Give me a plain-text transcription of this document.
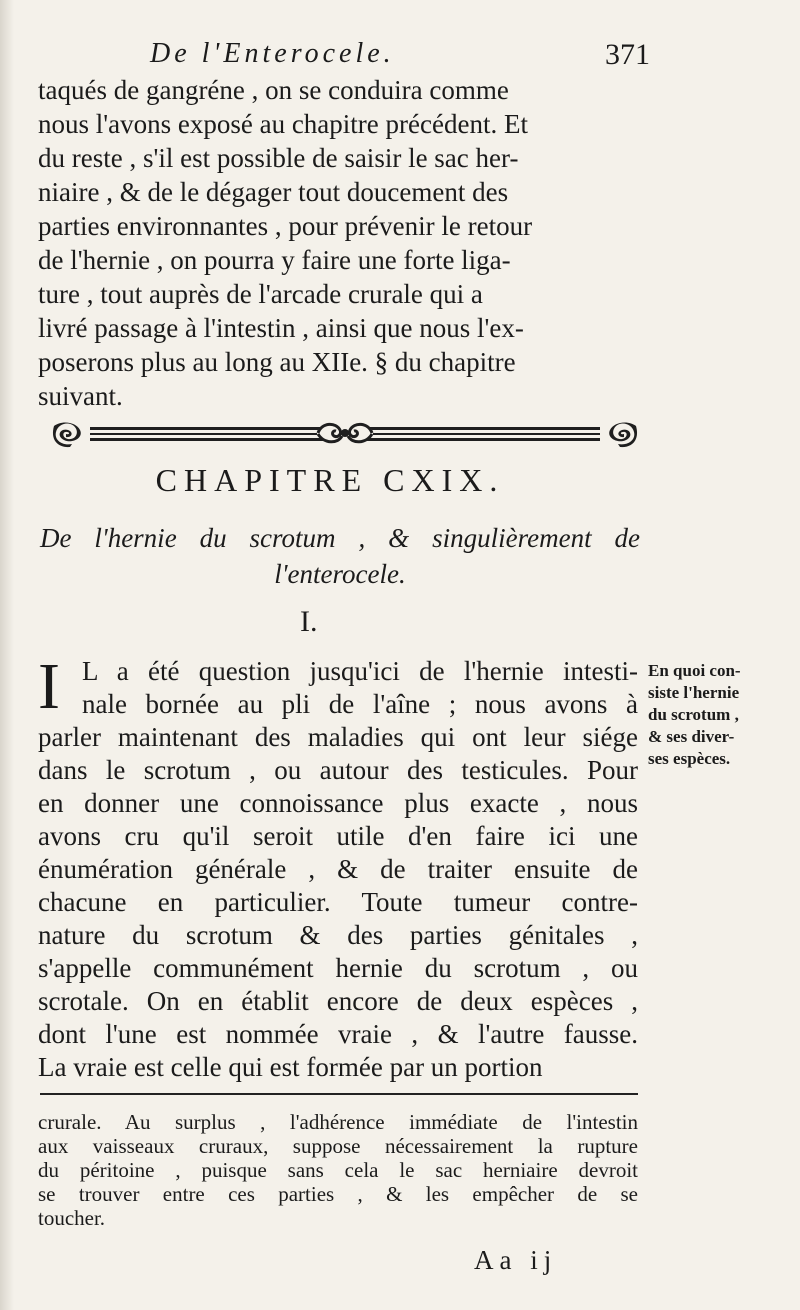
De l'Enterocele.	371
taqués de gangréne , on se conduira comme
nous l'avons exposé au chapitre précédent. Et
du reste , s'il est possible de saisir le sac her-
niaire , & de le dégager tout doucement des
parties environnantes , pour prévenir le retour
de l'hernie , on pourra y faire une forte liga-
ture , tout auprès de l'arcade crurale qui a
livré passage à l'intestin , ainsi que nous l'ex-
poserons plus au long au XIIe. § du chapitre
suivant.
CHAPITRE CXIX.
De l'hernie du scrotum , & singulièrement de
l'enterocele.
I.
I L a été question jusqu'ici de l'hernie intesti-
nale bornée au pli de l'aîne ; nous avons à
parler maintenant des maladies qui ont leur siége
dans le scrotum , ou autour des testicules. Pour
en donner une connoissance plus exacte , nous
avons cru qu'il seroit utile d'en faire ici une
énumération générale , & de traiter ensuite de
chacune en particulier. Toute tumeur contre-
nature du scrotum & des parties génitales ,
s'appelle communément hernie du scrotum , ou
scrotale. On en établit encore de deux espèces ,
dont l'une est nommée vraie , & l'autre fausse.
La vraie est celle qui est formée par un portion
En quoi con-
siste l'hernie
du scrotum ,
& ses diver-
ses espèces.
crurale. Au surplus , l'adhérence immédiate de l'intestin
aux vaisseaux cruraux, suppose nécessairement la rupture
du péritoine , puisque sans cela le sac herniaire devroit
se trouver entre ces parties , & les empêcher de se
toucher.
Aa ij
